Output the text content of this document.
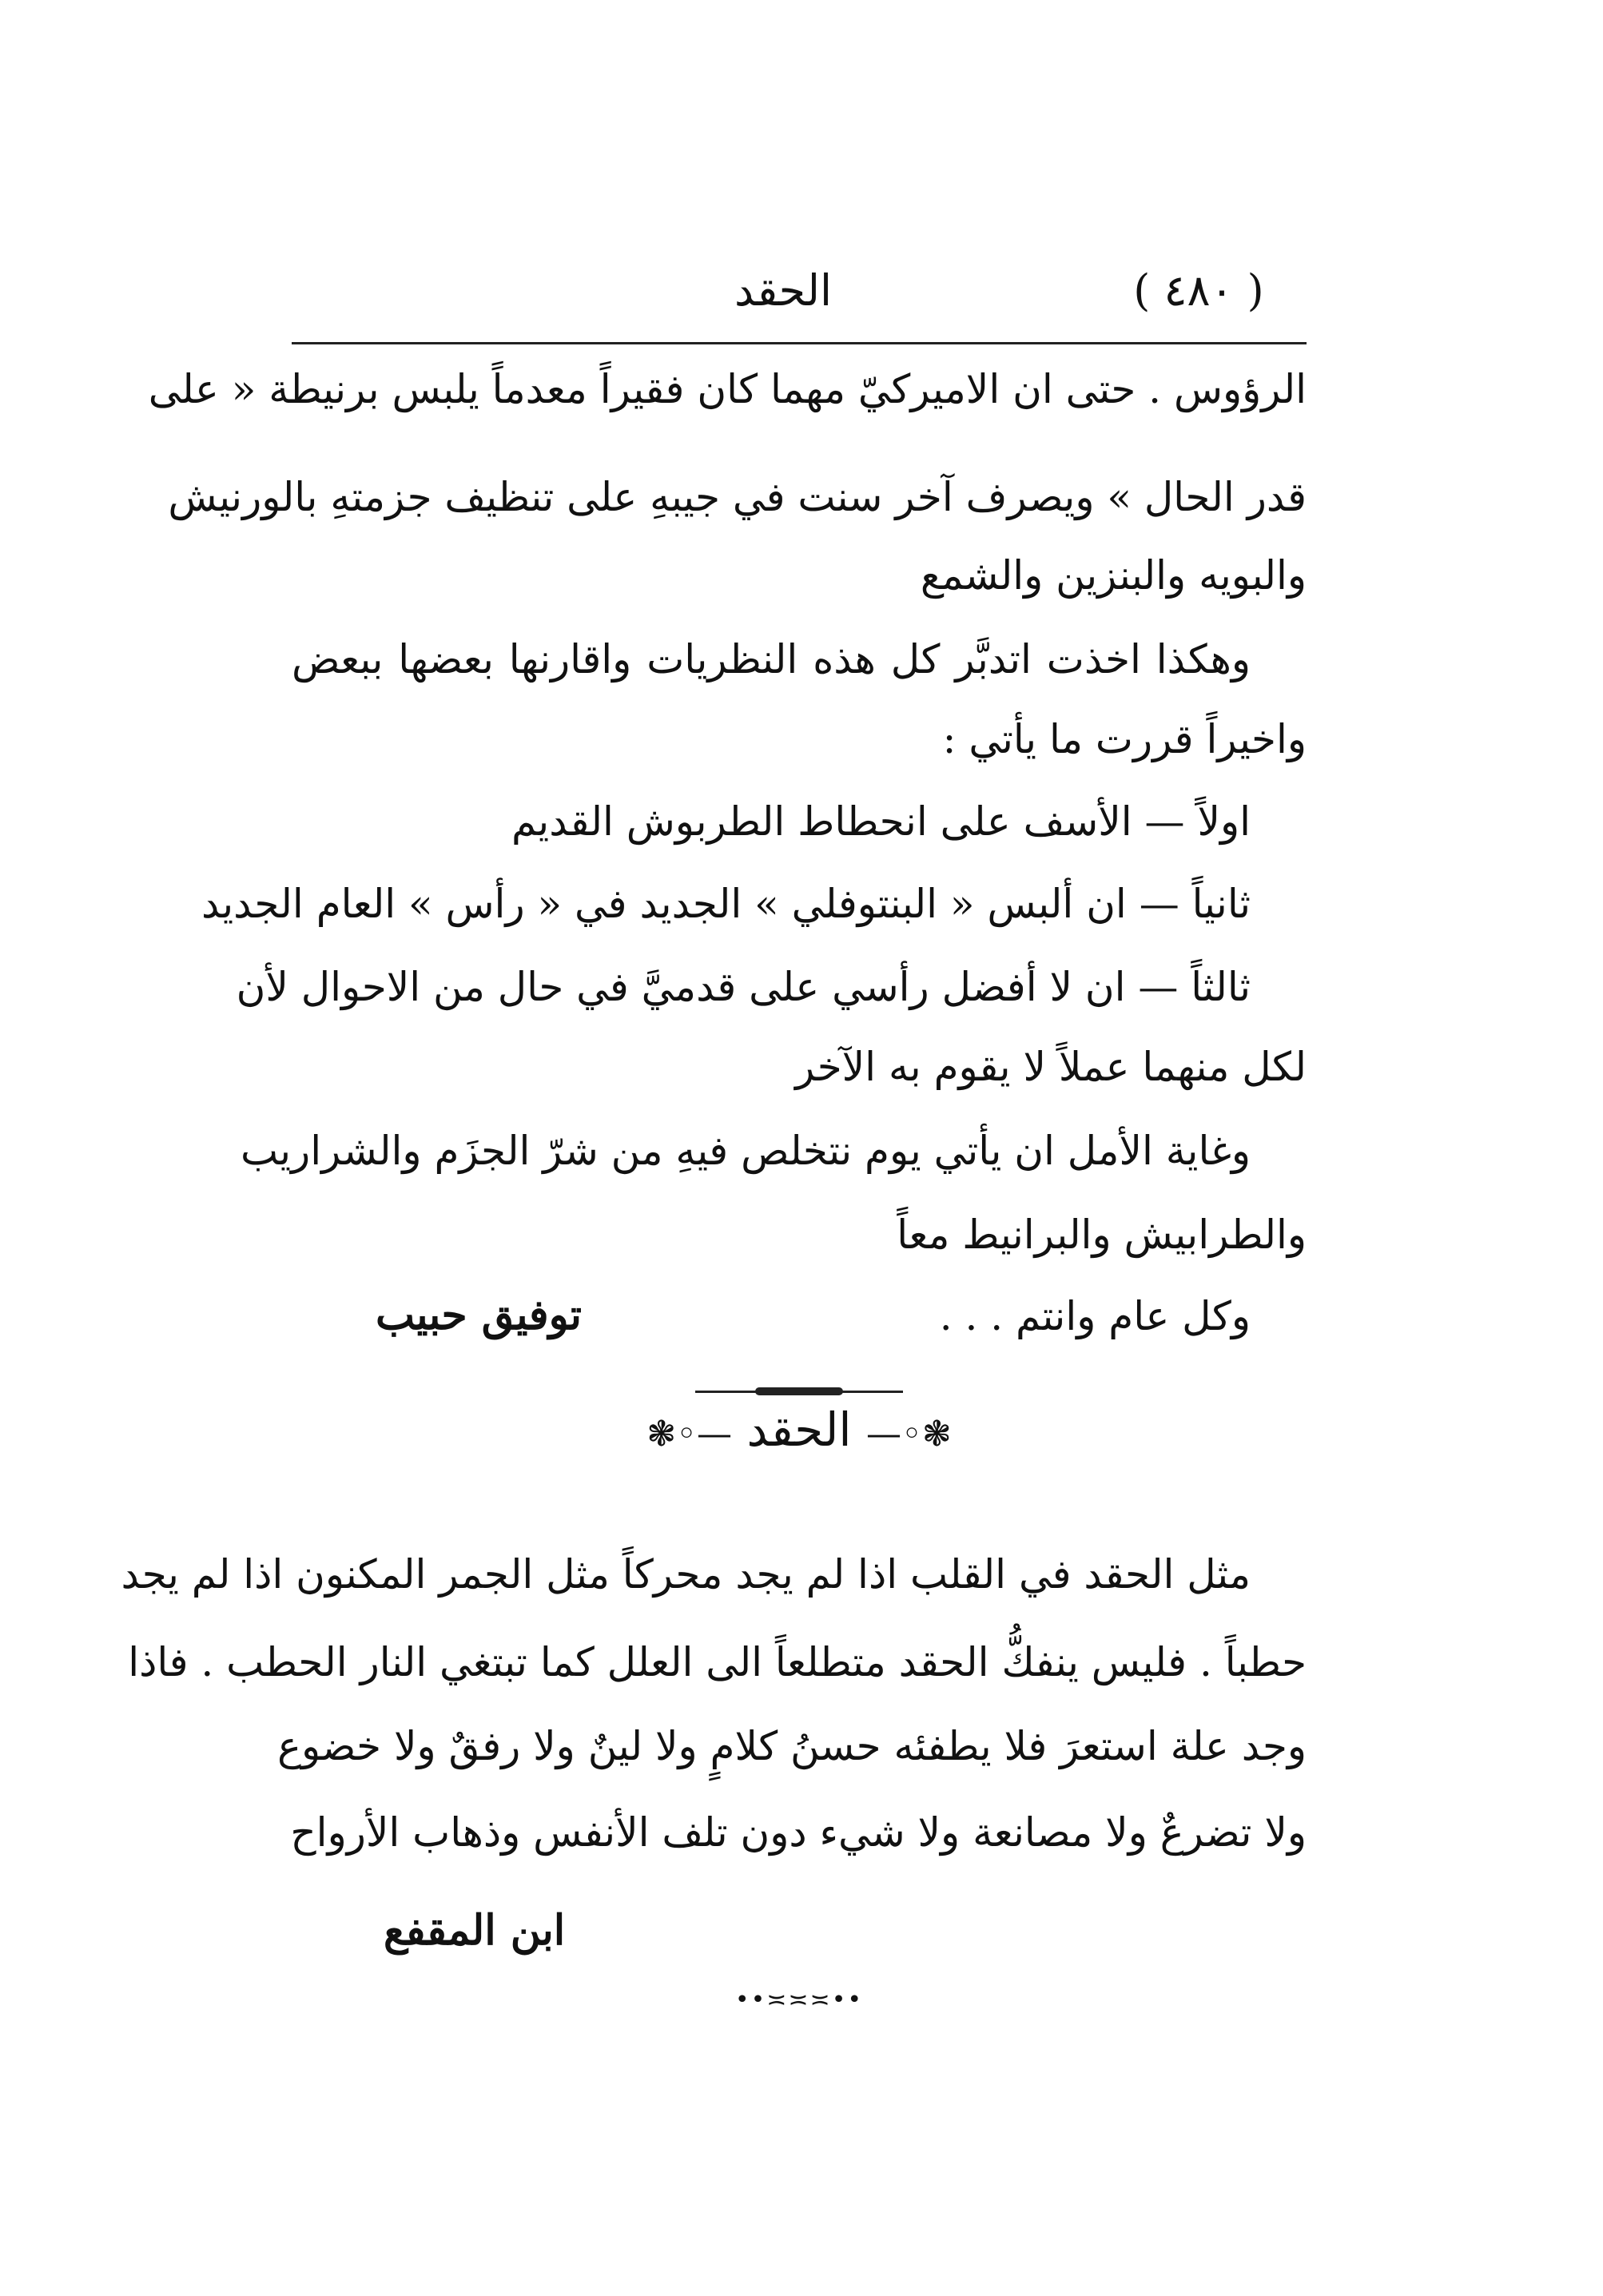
الحقد	( ٤٨٠ )
الرؤوس . حتى ان الاميركيّ مهما كان فقيراً معدماً يلبس برنيطة « على
قدر الحال » ويصرف آخر سنت في جيبهِ على تنظيف جزمتهِ بالورنيش
والبويه والبنزين والشمع
وهكذا اخذت اتدبَّر كل هذه النظريات واقارنها بعضها ببعض
واخيراً قررت ما يأتي :
اولاً — الأسف على انحطاط الطربوش القديم
ثانياً — ان ألبس « البنتوفلي » الجديد في « رأس » العام الجديد
ثالثاً — ان لا أفضل رأسي على قدميَّ في حال من الاحوال لأن
لكل منهما عملاً لا يقوم به الآخر
وغاية الأمل ان يأتي يوم نتخلص فيهِ من شرّ الجزَم والشراريب
والطرابيش والبرانيط معاً
وكل عام وانتم . . .
توفيق حبيب
❃◦— الحقد —◦❃
مثل الحقد في القلب اذا لم يجد محركاً مثل الجمر المكنون اذا لم يجد
حطباً . فليس ينفكُّ الحقد متطلعاً الى العلل كما تبتغي النار الحطب . فاذا
وجد علة استعرَ فلا يطفئه حسنُ كلامٍ ولا لينٌ ولا رفقٌ ولا خضوع
ولا تضرعٌ ولا مصانعة ولا شيء دون تلف الأنفس وذهاب الأرواح
ابن المقفع
••≍≍≍••
